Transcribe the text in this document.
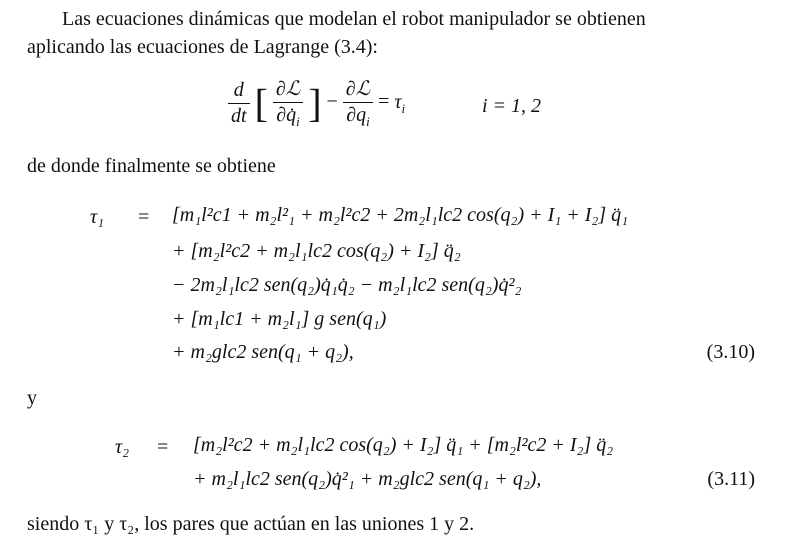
Las ecuaciones dinámicas que modelan el robot manipulador se obtienen
aplicando las ecuaciones de Lagrange (3.4):
$\frac{d}{dt}$ [ $\frac{\text{∂ℒ}}{\partial q̇_i}$ ] − $\frac{\text{∂ℒ}}{\partial q_i} = \tau_i$	i = 1, 2
de donde finalmente se obtiene
τ₁ = [m₁l²c1 + m₂l²₁ + m₂l²c2 + 2m₂l₁lc2 cos(q₂) + I₁ + I₂] q̈₁
+ [m₂l²c2 + m₂l₁lc2 cos(q₂) + I₂] q̈₂
− 2m₂l₁lc2 sen(q₂)q̇₁q̇₂ − m₂l₁lc2 sen(q₂)q̇²₂
+ [m₁lc1 + m₂l₁] g sen(q₁)
+ m₂glc2 sen(q₁ + q₂),	(3.10)
y
τ₂ = [m₂l²c2 + m₂l₁lc2 cos(q₂) + I₂] q̈₁ + [m₂l²c2 + I₂] q̈₂
+ m₂l₁lc2 sen(q₂)q̇²₁ + m₂glc2 sen(q₁ + q₂),	(3.11)
siendo τ₁ y τ₂, los pares que actúan en las uniones 1 y 2.
